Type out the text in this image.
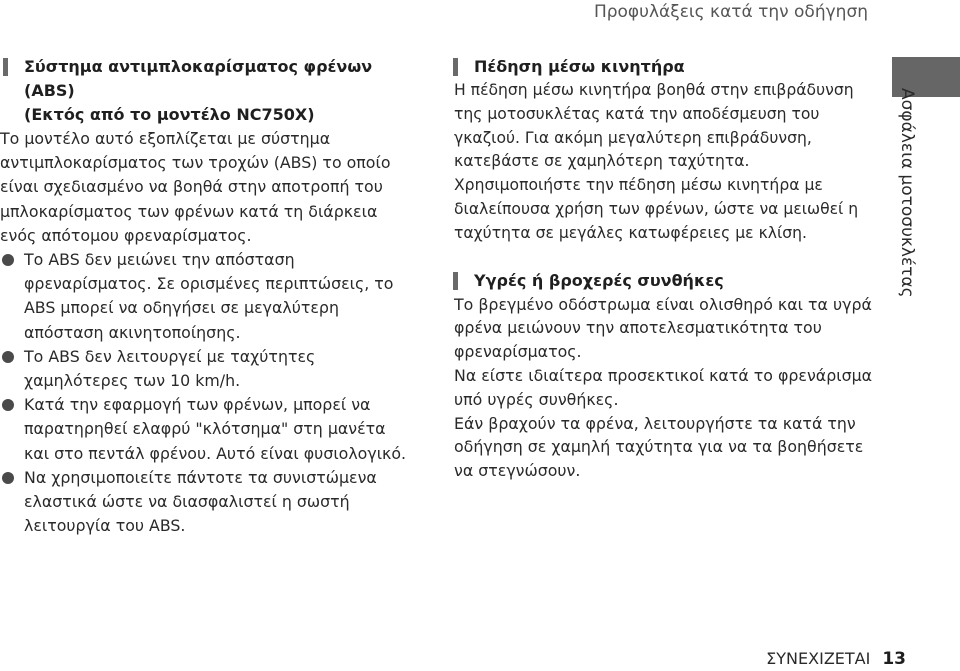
Προφυλάξεις κατά την οδήγηση
Ασφάλεια μοτοσυκλέτας
Σύστημα αντιμπλοκαρίσματος φρένων (ABS)
(Εκτός από το μοντέλο NC750X)
Το μοντέλο αυτό εξοπλίζεται με σύστημα αντιμπλοκαρίσματος των τροχών (ABS) το οποίο είναι σχεδιασμένο να βοηθά στην αποτροπή του μπλοκαρίσματος των φρένων κατά τη διάρκεια ενός απότομου φρεναρίσματος.
Το ABS δεν μειώνει την απόσταση φρεναρίσματος. Σε ορισμένες περιπτώσεις, το ABS μπορεί να οδηγήσει σε μεγαλύτερη απόσταση ακινητοποίησης.
Το ABS δεν λειτουργεί με ταχύτητες χαμηλότερες των 10 km/h.
Κατά την εφαρμογή των φρένων, μπορεί να παρατηρηθεί ελαφρύ "κλότσημα" στη μανέτα και στο πεντάλ φρένου. Αυτό είναι φυσιολογικό.
Να χρησιμοποιείτε πάντοτε τα συνιστώμενα ελαστικά ώστε να διασφαλιστεί η σωστή λειτουργία του ABS.
Πέδηση μέσω κινητήρα
Η πέδηση μέσω κινητήρα βοηθά στην επιβράδυνση της μοτοσυκλέτας κατά την αποδέσμευση του γκαζιού. Για ακόμη μεγαλύτερη επιβράδυνση, κατεβάστε σε χαμηλότερη ταχύτητα. Χρησιμοποιήστε την πέδηση μέσω κινητήρα με διαλείπουσα χρήση των φρένων, ώστε να μειωθεί η ταχύτητα σε μεγάλες κατωφέρειες με κλίση.
Υγρές ή βροχερές συνθήκες
Το βρεγμένο οδόστρωμα είναι ολισθηρό και τα υγρά φρένα μειώνουν την αποτελεσματικότητα του φρεναρίσματος.
Να είστε ιδιαίτερα προσεκτικοί κατά το φρενάρισμα υπό υγρές συνθήκες.
Εάν βραχούν τα φρένα, λειτουργήστε τα κατά την οδήγηση σε χαμηλή ταχύτητα για να τα βοηθήσετε να στεγνώσουν.
ΣΥΝΕΧΙΖΕΤΑΙ 13
